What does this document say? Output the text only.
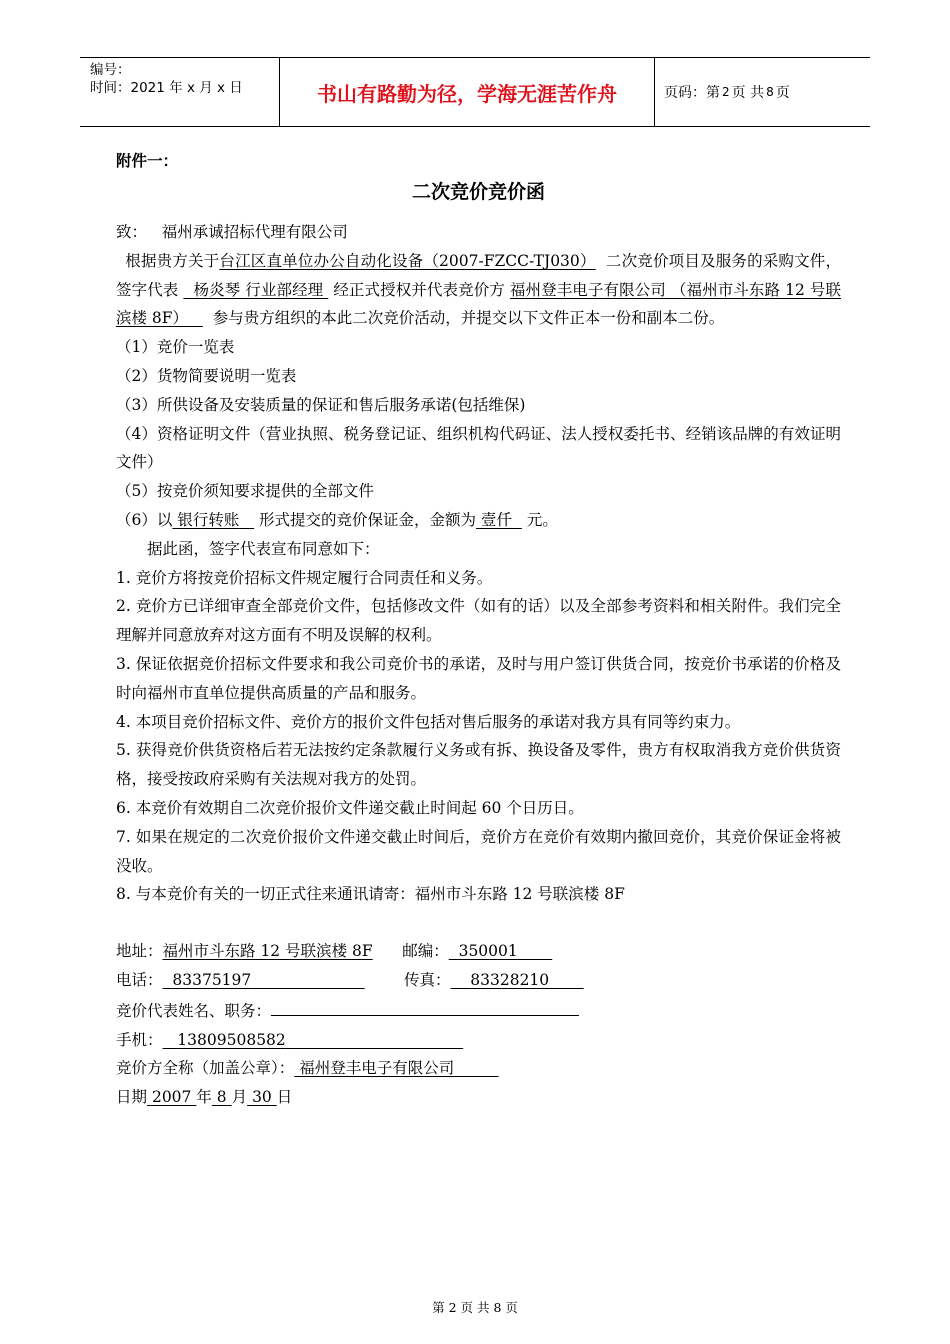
编号：
时间：2021 年 x 月 x 日	书山有路勤为径，学海无涯苦作舟	页码：第 2 页 共 8 页

附件一：

二次竞价竞价函

致： 福州承诚招标代理有限公司

根据贵方关于台江区直单位办公自动化设备（2007-FZCC-TJ030） 二次竞价项目及服务的采购文件，签字代表 杨炎琴 行业部经理 经正式授权并代表竞价方 福州登丰电子有限公司 （福州市斗东路 12 号联滨楼 8F） 参与贵方组织的本此二次竞价活动，并提交以下文件正本一份和副本二份。

（1）竞价一览表

（2）货物简要说明一览表

（3）所供设备及安装质量的保证和售后服务承诺(包括维保)

（4）资格证明文件（营业执照、税务登记证、组织机构代码证、法人授权委托书、经销该品牌的有效证明文件）

（5）按竞价须知要求提供的全部文件

（6）以 银行转账 形式提交的竞价保证金，金额为 壹仟 元。

据此函，签字代表宣布同意如下：

1. 竞价方将按竞价招标文件规定履行合同责任和义务。

2. 竞价方已详细审查全部竞价文件，包括修改文件（如有的话）以及全部参考资料和相关附件。我们完全理解并同意放弃对这方面有不明及误解的权利。

3. 保证依据竞价招标文件要求和我公司竞价书的承诺，及时与用户签订供货合同，按竞价书承诺的价格及时向福州市直单位提供高质量的产品和服务。

4. 本项目竞价招标文件、竞价方的报价文件包括对售后服务的承诺对我方具有同等约束力。

5. 获得竞价供货资格后若无法按约定条款履行义务或有拆、换设备及零件，贵方有权取消我方竞价供货资格，接受按政府采购有关法规对我方的处罚。

6. 本竞价有效期自二次竞价报价文件递交截止时间起 60 个日历日。

7. 如果在规定的二次竞价报价文件递交截止时间后，竞价方在竞价有效期内撤回竞价，其竞价保证金将被没收。

8. 与本竞价有关的一切正式往来通讯请寄：福州市斗东路 12 号联滨楼 8F

地址：福州市斗东路 12 号联滨楼 8F 邮编： 350001

电话： 83375197	传真： 83328210

竞价代表姓名、职务：

手机： 13809508582

竞价方全称（加盖公章）： 福州登丰电子有限公司

日期 2007 年 8 月 30 日

第 2 页 共 8 页
